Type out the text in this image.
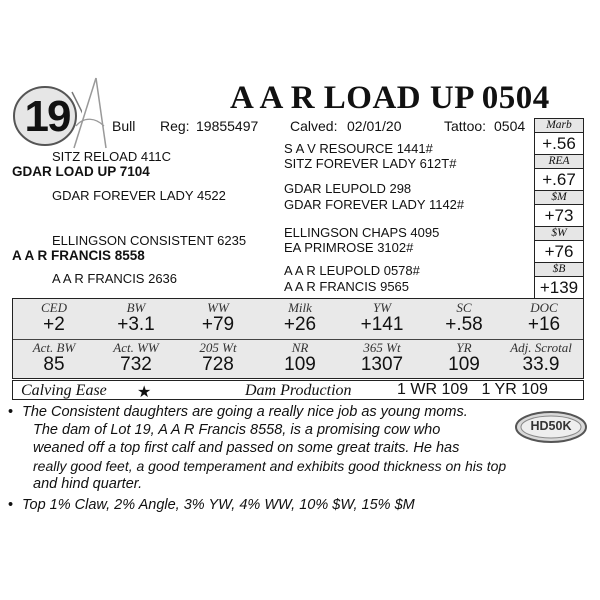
19	A A R LOAD UP 0504
Bull Reg: 19855497 Calved: 02/01/20	Tattoo: 0504
SITZ RELOAD 411C
GDAR LOAD UP 7104
GDAR FOREVER LADY 4522
ELLINGSON CONSISTENT 6235
A A R FRANCIS 8558
A A R FRANCIS 2636
S A V RESOURCE 1441#
SITZ FOREVER LADY 612T#
GDAR LEUPOLD 298
GDAR FOREVER LADY 1142#
ELLINGSON CHAPS 4095
EA PRIMROSE 3102#
A A R LEUPOLD 0578#
A A R FRANCIS 9565
Marb
+.56
REA
+.67
$M
+73
$W
+76
$B
+139
CED
+2
BW
+3.1
WW
+79
Milk
+26
YW
+141
SC
+.58
DOC
+16
Act. BW
85
Act. WW
732
205 Wt
728
NR
109
365 Wt
1307
YR
109
Adj. Scrotal
33.9
Calving Ease ★	Dam Production	1 WR 109   1 YR 109
• The Consistent daughters are going a really nice job as young moms.
The dam of Lot 19, A A R Francis 8558, is a promising cow who
weaned off a top first calf and passed on some great traits. He has
really good feet, a good temperament and exhibits good thickness on his top
and hind quarter.
• Top 1% Claw, 2% Angle, 3% YW, 4% WW, 10% $W, 15% $M
HD50K
